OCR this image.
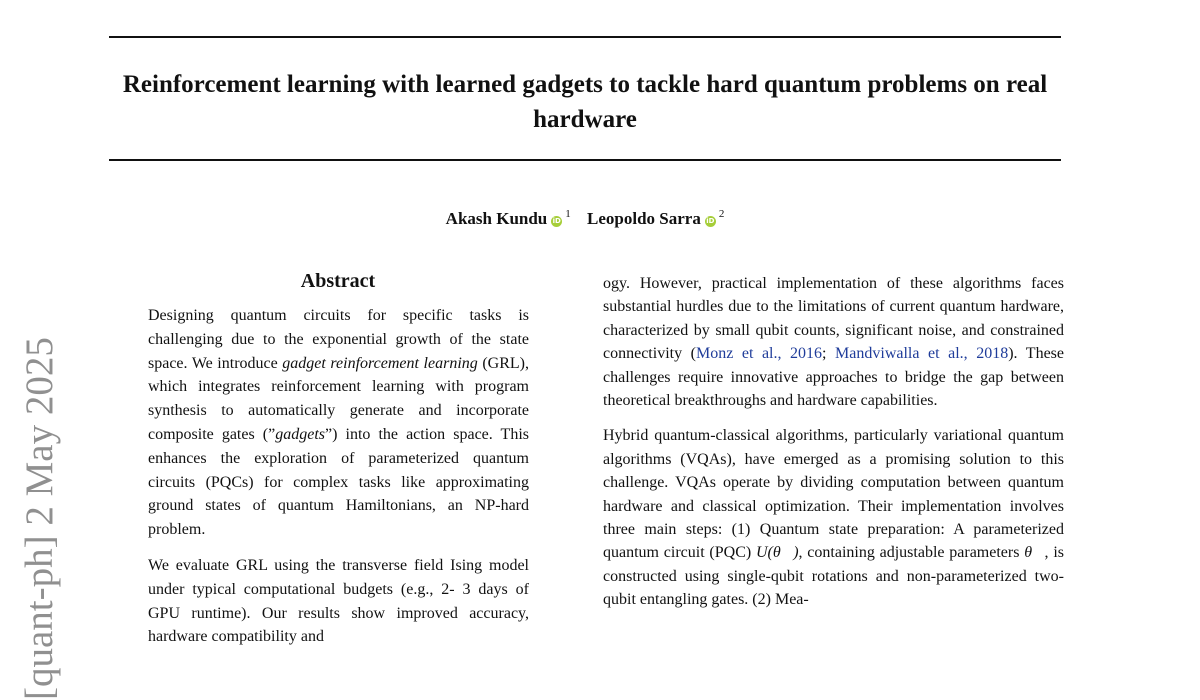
Reinforcement learning with learned gadgets to tackle hard quantum problems on real hardware
Akash Kundu iD$^1$ Leopoldo Sarra iD$^2$
[quant-ph] 2 May 2025
Abstract

Designing quantum circuits for specific tasks is challenging due to the exponential growth of the state space. We introduce gadget reinforcement learning (GRL), which integrates reinforcement learning with program synthesis to automatically generate and incorporate composite gates (”gadgets”) into the action space. This enhances the exploration of parameterized quantum circuits (PQCs) for complex tasks like approximating ground states of quantum Hamiltonians, an NP-hard problem.

We evaluate GRL using the transverse field Ising model under typical computational budgets (e.g., 2- 3 days of GPU runtime). Our results show improved accuracy, hardware compatibility and

ogy. However, practical implementation of these algorithms faces substantial hurdles due to the limitations of current quantum hardware, characterized by small qubit counts, significant noise, and constrained connectivity (Monz et al., 2016; Mandviwalla et al., 2018). These challenges require innovative approaches to bridge the gap between theoretical breakthroughs and hardware capabilities.

Hybrid quantum-classical algorithms, particularly variational quantum algorithms (VQAs), have emerged as a promising solution to this challenge. VQAs operate by dividing computation between quantum hardware and classical optimization. Their implementation involves three main steps: (1) Quantum state preparation: A parameterized quantum circuit (PQC) U(θ⃗), containing adjustable parameters θ⃗, is constructed using single-qubit rotations and non-parameterized two-qubit entangling gates. (2) Mea-
